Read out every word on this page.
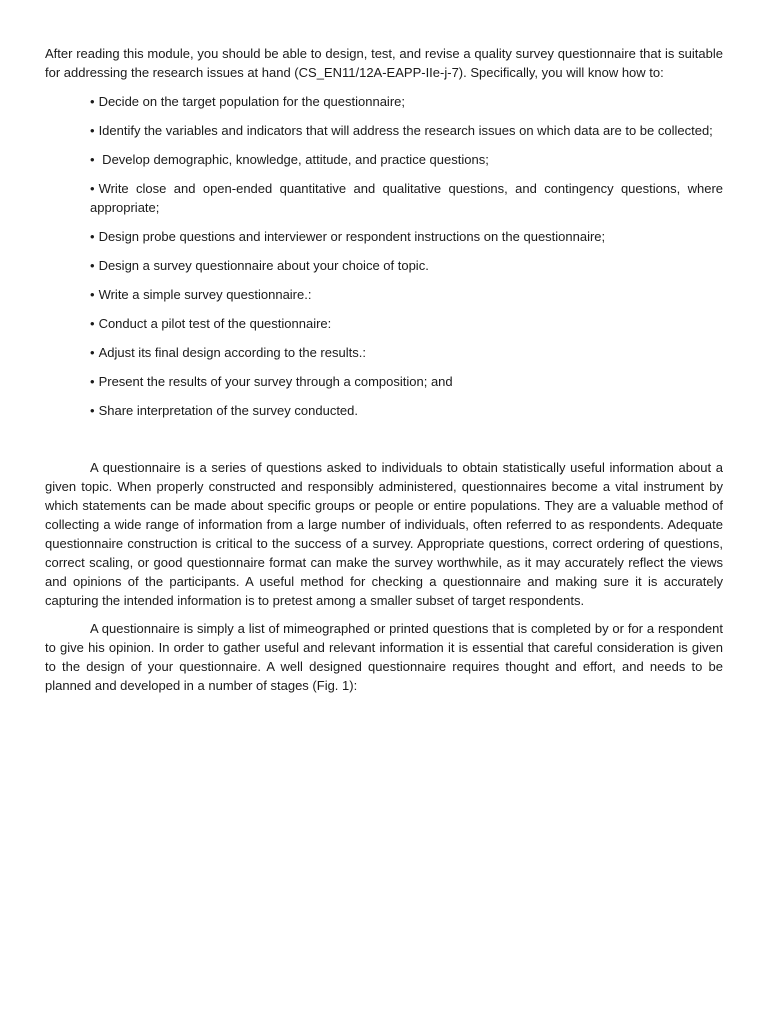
After reading this module, you should be able to design, test, and revise a quality survey questionnaire that is suitable for addressing the research issues at hand (CS_EN11/12A-EAPP-IIe-j-7). Specifically, you will know how to:

• Decide on the target population for the questionnaire;
• Identify the variables and indicators that will address the research issues on which data are to be collected;
• Develop demographic, knowledge, attitude, and practice questions;
• Write close and open-ended quantitative and qualitative questions, and contingency questions, where appropriate;
• Design probe questions and interviewer or respondent instructions on the questionnaire;
• Design a survey questionnaire about your choice of topic.
• Write a simple survey questionnaire.:
• Conduct a pilot test of the questionnaire:
• Adjust its final design according to the results.:
• Present the results of your survey through a composition; and
• Share interpretation of the survey conducted.

A questionnaire is a series of questions asked to individuals to obtain statistically useful information about a given topic. When properly constructed and responsibly administered, questionnaires become a vital instrument by which statements can be made about specific groups or people or entire populations. They are a valuable method of collecting a wide range of information from a large number of individuals, often referred to as respondents. Adequate questionnaire construction is critical to the success of a survey. Appropriate questions, correct ordering of questions, correct scaling, or good questionnaire format can make the survey worthwhile, as it may accurately reflect the views and opinions of the participants. A useful method for checking a questionnaire and making sure it is accurately capturing the intended information is to pretest among a smaller subset of target respondents.

A questionnaire is simply a list of mimeographed or printed questions that is completed by or for a respondent to give his opinion. In order to gather useful and relevant information it is essential that careful consideration is given to the design of your questionnaire. A well designed questionnaire requires thought and effort, and needs to be planned and developed in a number of stages (Fig. 1):
